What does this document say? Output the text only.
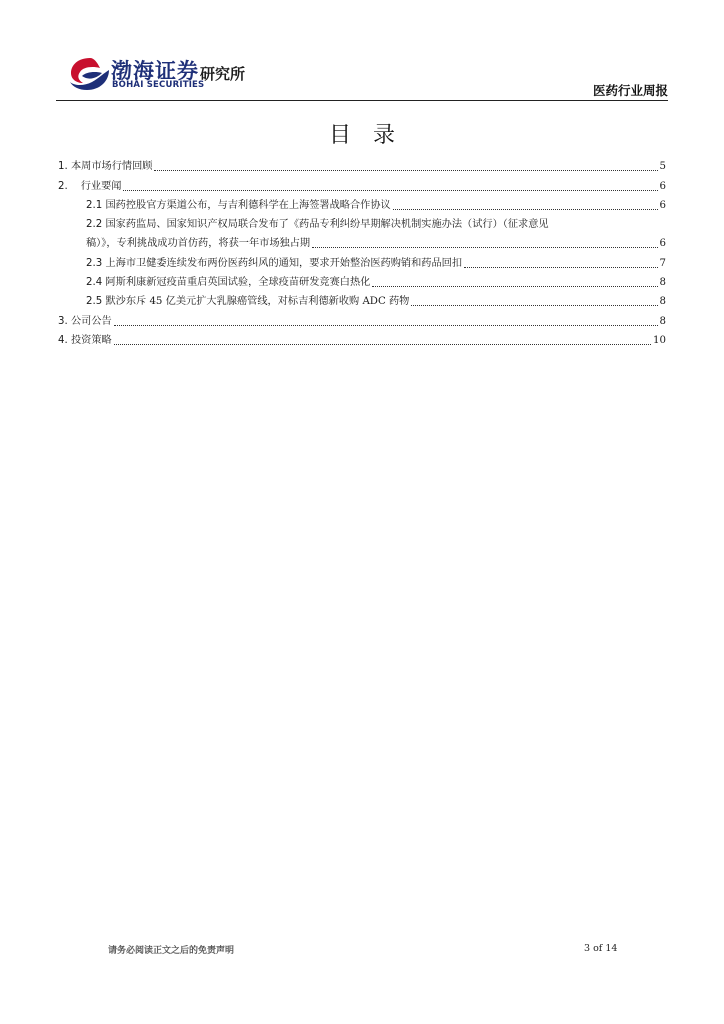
渤海证券
BOHAI SECURITIES
研究所
医药行业周报
目录
1. 本周市场行情回顾	5
2. 行业要闻	6
2.1 国药控股官方渠道公布，与吉利德科学在上海签署战略合作协议	6
2.2 国家药监局、国家知识产权局联合发布了《药品专利纠纷早期解决机制实施办法（试行）（征求意见
稿）》，专利挑战成功首仿药，将获一年市场独占期	6
2.3 上海市卫健委连续发布两份医药纠风的通知，要求开始整治医药购销和药品回扣	7
2.4 阿斯利康新冠疫苗重启英国试验，全球疫苗研发竞赛白热化	8
2.5 默沙东斥 45 亿美元扩大乳腺癌管线，对标吉利德新收购 ADC 药物	8
3. 公司公告	8
4. 投资策略	10
请务必阅读正文之后的免责声明	3 of 14
